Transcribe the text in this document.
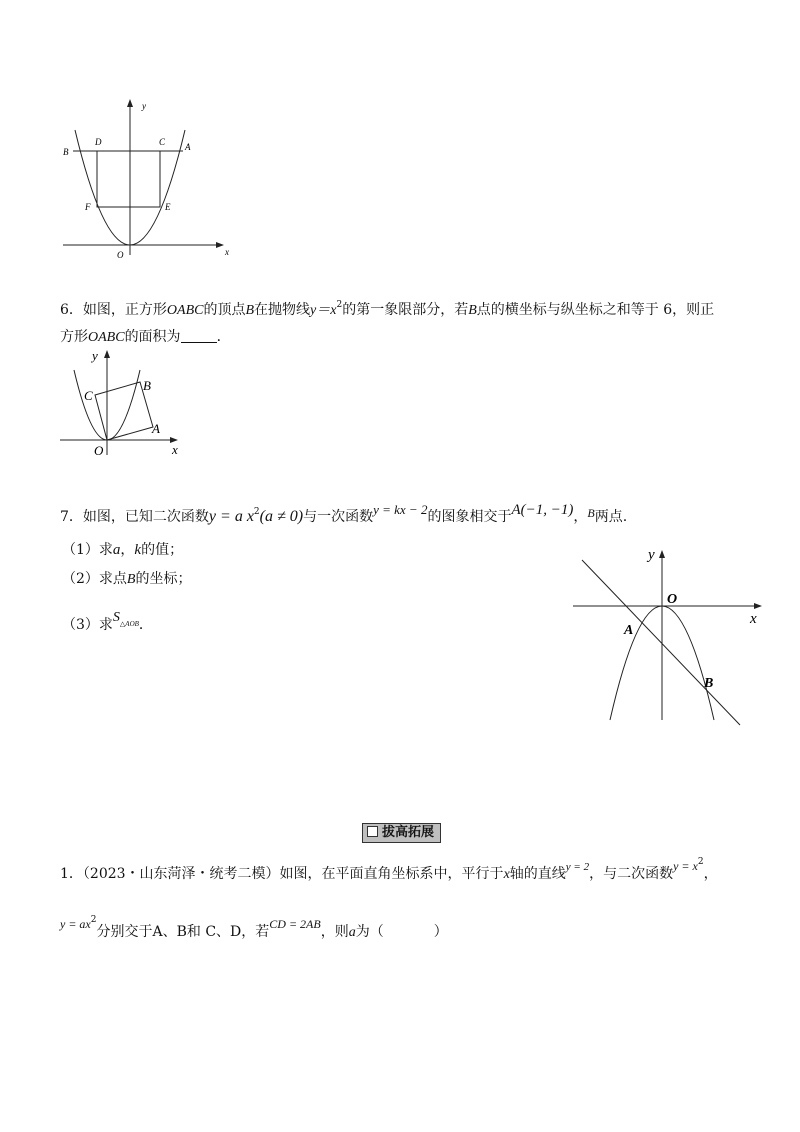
y
x
O
B
D	C A
F	E
6．如图，正方形OABC的顶点B在抛物线$y=x^2$的第一象限部分，若B点的横坐标与纵坐标之和等于 6，则正
方形OABC的面积为	．
y
x
O
A
B
C
7．如图，已知二次函数y = a $x^2(a \ne 0)$与一次函数y = kx − 2的图象相交于A(−1, −1)，B两点.
（1）求a，k的值；
（2）求点B的坐标；
（3）求$S^{\triangle AOB}$．
y
x
O
A
B
拔高拓展
1．（2023・山东菏泽・统考二模）如图，在平面直角坐标系中，平行于x轴的直线$^{y = 2}$，与二次函数$y = x^2$，
$y = ax^2$分别交于A、B和 C、D，若CD = 2AB，则a为（	）
